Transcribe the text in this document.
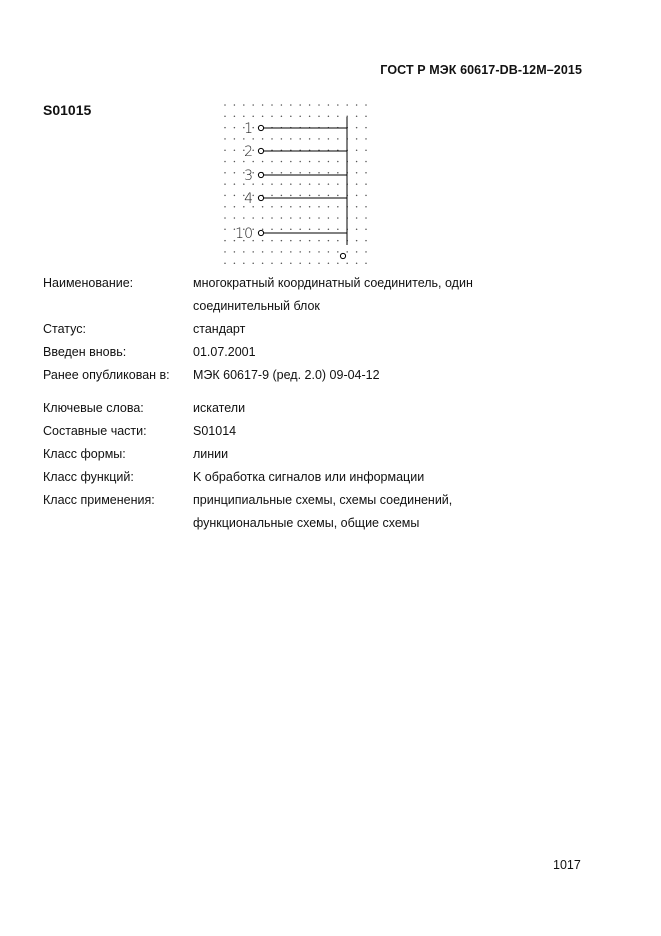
ГОСТ Р МЭК 60617-DB-12M–2015
S01015
1
2
3
4
10
Наименование:	многократный координатный соединитель, один
соединительный блок
Статус:	стандарт
Введен вновь:	01.07.2001
Ранее опубликован в:	МЭК 60617-9 (ред. 2.0) 09-04-12
Ключевые слова:	искатели
Составные части:	S01014
Класс формы:	линии
Класс функций:	K обработка сигналов или информации
Класс применения:	принципиальные схемы, схемы соединений,
функциональные схемы, общие схемы
1017
